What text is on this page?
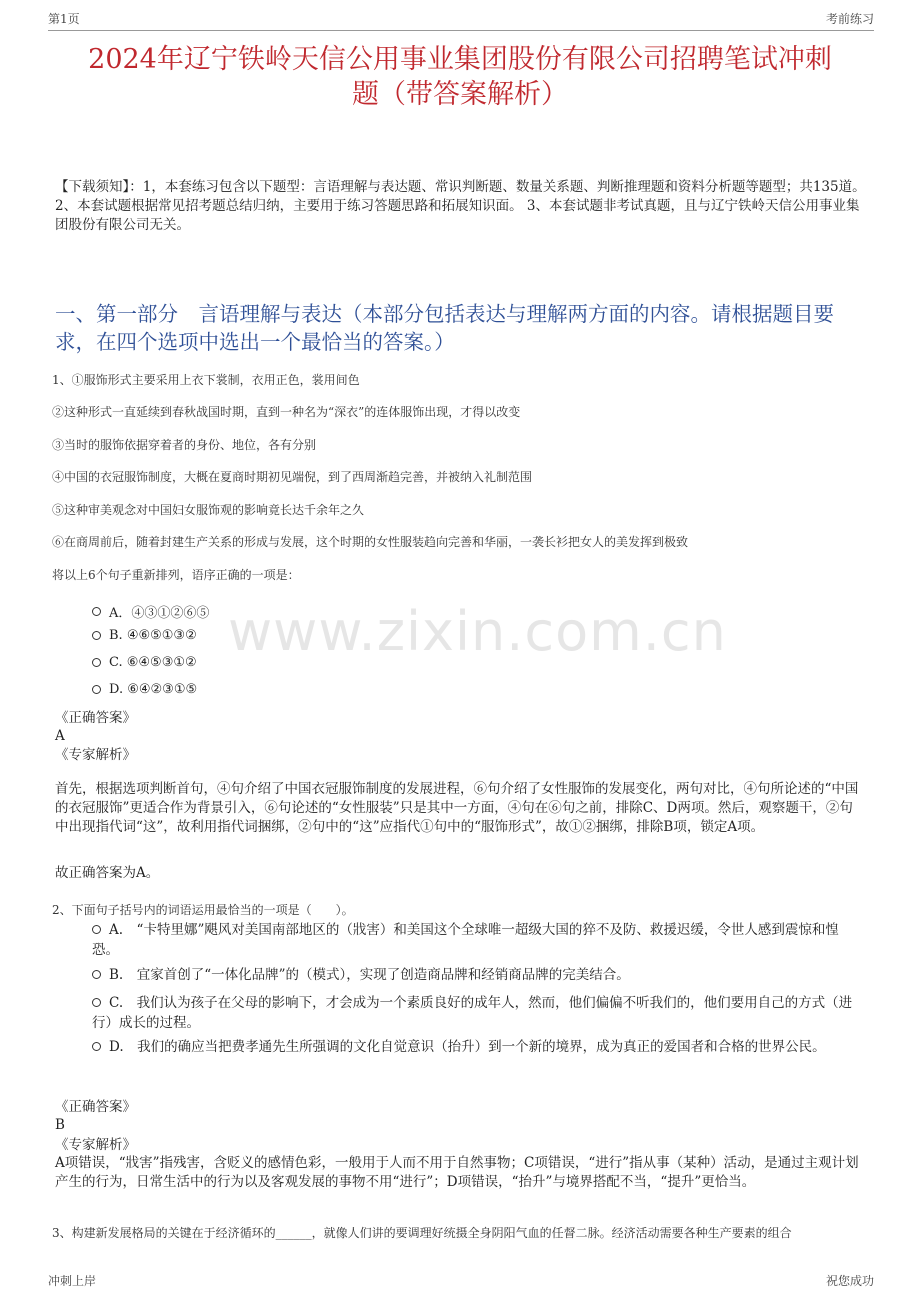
第1页	考前练习
2024年辽宁铁岭天信公用事业集团股份有限公司招聘笔试冲刺
题（带答案解析）
【下载须知】：1，本套练习包含以下题型：言语理解与表达题、常识判断题、数量关系题、判断推理题和资料分析题等题型；共135道。 2、本套试题根据常见招考题总结归纳，主要用于练习答题思路和拓展知识面。 3、本套试题非考试真题，且与辽宁铁岭天信公用事业集团股份有限公司无关。
一、第一部分　言语理解与表达（本部分包括表达与理解两方面的内容。请根据题目要求，在四个选项中选出一个最恰当的答案。）
www.zixin.com.cn
1、①服饰形式主要采用上衣下裳制，衣用正色，裳用间色
②这种形式一直延续到春秋战国时期，直到一种名为“深衣”的连体服饰出现，才得以改变
③当时的服饰依据穿着者的身份、地位，各有分别
④中国的衣冠服饰制度，大概在夏商时期初见端倪，到了西周渐趋完善，并被纳入礼制范围
⑤这种审美观念对中国妇女服饰观的影响竟长达千余年之久
⑥在商周前后，随着封建生产关系的形成与发展，这个时期的女性服装趋向完善和华丽，一袭长衫把女人的美发挥到极致
将以上6个句子重新排列，语序正确的一项是：
A．④③①②⑥⑤
B. ④⑥⑤①③②
C. ⑥④⑤③①②
D. ⑥④②③①⑤
《正确答案》
A
《专家解析》
首先，根据选项判断首句，④句介绍了中国衣冠服饰制度的发展进程，⑥句介绍了女性服饰的发展变化，两句对比，④句所论述的“中国的衣冠服饰”更适合作为背景引入，⑥句论述的“女性服装”只是其中一方面，④句在⑥句之前，排除C、D两项。然后，观察题干，②句中出现指代词“这”，故利用指代词捆绑，②句中的“这”应指代①句中的“服饰形式”，故①②捆绑，排除B项，锁定A项。
故正确答案为A。
2、下面句子括号内的词语运用最恰当的一项是（　　）。
A.　“卡特里娜”飓风对美国南部地区的（戕害）和美国这个全球唯一超级大国的猝不及防、救援迟缓，令世人感到震惊和惶恐。
B.　宜家首创了“一体化品牌”的（模式），实现了创造商品牌和经销商品牌的完美结合。
C.　我们认为孩子在父母的影响下，才会成为一个素质良好的成年人，然而，他们偏偏不听我们的，他们要用自己的方式（进行）成长的过程。
D.　我们的确应当把费孝通先生所强调的文化自觉意识（抬升）到一个新的境界，成为真正的爱国者和合格的世界公民。
《正确答案》
B
《专家解析》
A项错误，“戕害”指残害，含贬义的感情色彩，一般用于人而不用于自然事物；C项错误，“进行”指从事（某种）活动，是通过主观计划产生的行为，日常生活中的行为以及客观发展的事物不用“进行”；D项错误，“抬升”与境界搭配不当，“提升”更恰当。
3、构建新发展格局的关键在于经济循环的______，就像人们讲的要调理好统摄全身阴阳气血的任督二脉。经济活动需要各种生产要素的组合
冲刺上岸	祝您成功
